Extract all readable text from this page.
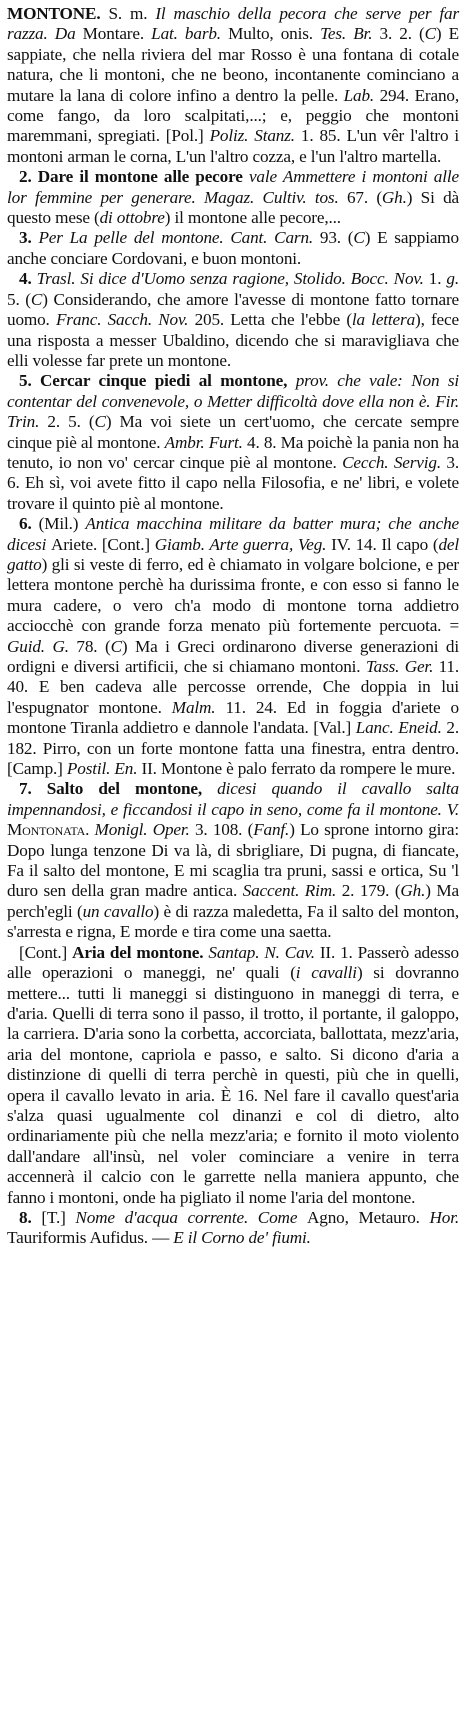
MONTONE. S. m. Il maschio della pecora che serve per far razza. Da Montare. Lat. barb. Multo, onis. Tes. Br. 3. 2. (C) E sappiate, che nella riviera del mar Rosso è una fontana di cotale natura, che li montoni, che ne beono, incontanente cominciano a mutare la lana di colore infino a dentro la pelle. Lab. 294. Erano, come fango, da loro scalpitati,...; e, peggio che montoni maremmani, spregiati. [Pol.] Poliz. Stanz. 1. 85. L'un vêr l'altro i montoni arman le corna, L'un l'altro cozza, e l'un l'altro martella.

2. Dare il montone alle pecore vale Ammettere i montoni alle lor femmine per generare. Magaz. Cultiv. tos. 67. (Gh.) Si dà questo mese (di ottobre) il montone alle pecore,...

3. Per La pelle del montone. Cant. Carn. 93. (C) E sappiamo anche conciare Cordovani, e buon montoni.

4. Trasl. Si dice d'Uomo senza ragione, Stolido. Bocc. Nov. 1. g. 5. (C) Considerando, che amore l'avesse di montone fatto tornare uomo. Franc. Sacch. Nov. 205. Letta che l'ebbe (la lettera), fece una risposta a messer Ubaldino, dicendo che si maravigliava che elli volesse far prete un montone.

5. Cercar cinque piedi al montone, prov. che vale: Non si contentar del convenevole, o Metter difficoltà dove ella non è. Fir. Trin. 2. 5. (C) Ma voi siete un cert'uomo, che cercate sempre cinque piè al montone. Ambr. Furt. 4. 8. Ma poichè la pania non ha tenuto, io non vo' cercar cinque piè al montone. Cecch. Servig. 3. 6. Eh sì, voi avete fitto il capo nella Filosofia, e ne' libri, e volete trovare il quinto piè al montone.

6. (Mil.) Antica macchina militare da batter mura; che anche dicesi Ariete. [Cont.] Giamb. Arte guerra, Veg. IV. 14. Il capo (del gatto) gli si veste di ferro, ed è chiamato in volgare bolcione, e per lettera montone perchè ha durissima fronte, e con esso si fanno le mura cadere, o vero ch'a modo di montone torna addietro acciocchè con grande forza menato più fortemente percuota. = Guid. G. 78. (C) Ma i Greci ordinarono diverse generazioni di ordigni e diversi artificii, che si chiamano montoni. Tass. Ger. 11. 40. E ben cadeva alle percosse orrende, Che doppia in lui l'espugnator montone. Malm. 11. 24. Ed in foggia d'ariete o montone Tiranla addietro e dannole l'andata. [Val.] Lanc. Eneid. 2. 182. Pirro, con un forte montone fatta una finestra, entra dentro. [Camp.] Postil. En. II. Montone è palo ferrato da rompere le mure.

7. Salto del montone, dicesi quando il cavallo salta impennandosi, e ficcandosi il capo in seno, come fa il montone. V. Montonata. Monigl. Oper. 3. 108. (Fanf.) Lo sprone intorno gira: Dopo lunga tenzone Di va là, di sbrigliare, Di pugna, di fiancate, Fa il salto del montone, E mi scaglia tra pruni, sassi e ortica, Su 'l duro sen della gran madre antica. Saccent. Rim. 2. 179. (Gh.) Ma perch'egli (un cavallo) è di razza maledetta, Fa il salto del monton, s'arresta e rigna, E morde e tira come una saetta.

[Cont.] Aria del montone. Santap. N. Cav. II. 1. Passerò adesso alle operazioni o maneggi, ne' quali (i cavalli) si dovranno mettere... tutti li maneggi si distinguono in maneggi di terra, e d'aria. Quelli di terra sono il passo, il trotto, il portante, il galoppo, la carriera. D'aria sono la corbetta, accorciata, ballottata, mezz'aria, aria del montone, capriola e passo, e salto. Si dicono d'aria a distinzione di quelli di terra perchè in questi, più che in quelli, opera il cavallo levato in aria. È 16. Nel fare il cavallo quest'aria s'alza quasi ugualmente col dinanzi e col di dietro, alto ordinariamente più che nella mezz'aria; e fornito il moto violento dall'andare all'insù, nel voler cominciare a venire in terra accennerà il calcio con le garrette nella maniera appunto, che fanno i montoni, onde ha pigliato il nome l'aria del montone.

8. [T.] Nome d'acqua corrente. Come Agno, Metauro. Hor. Tauriformis Aufidus. — E il Corno de' fiumi.
